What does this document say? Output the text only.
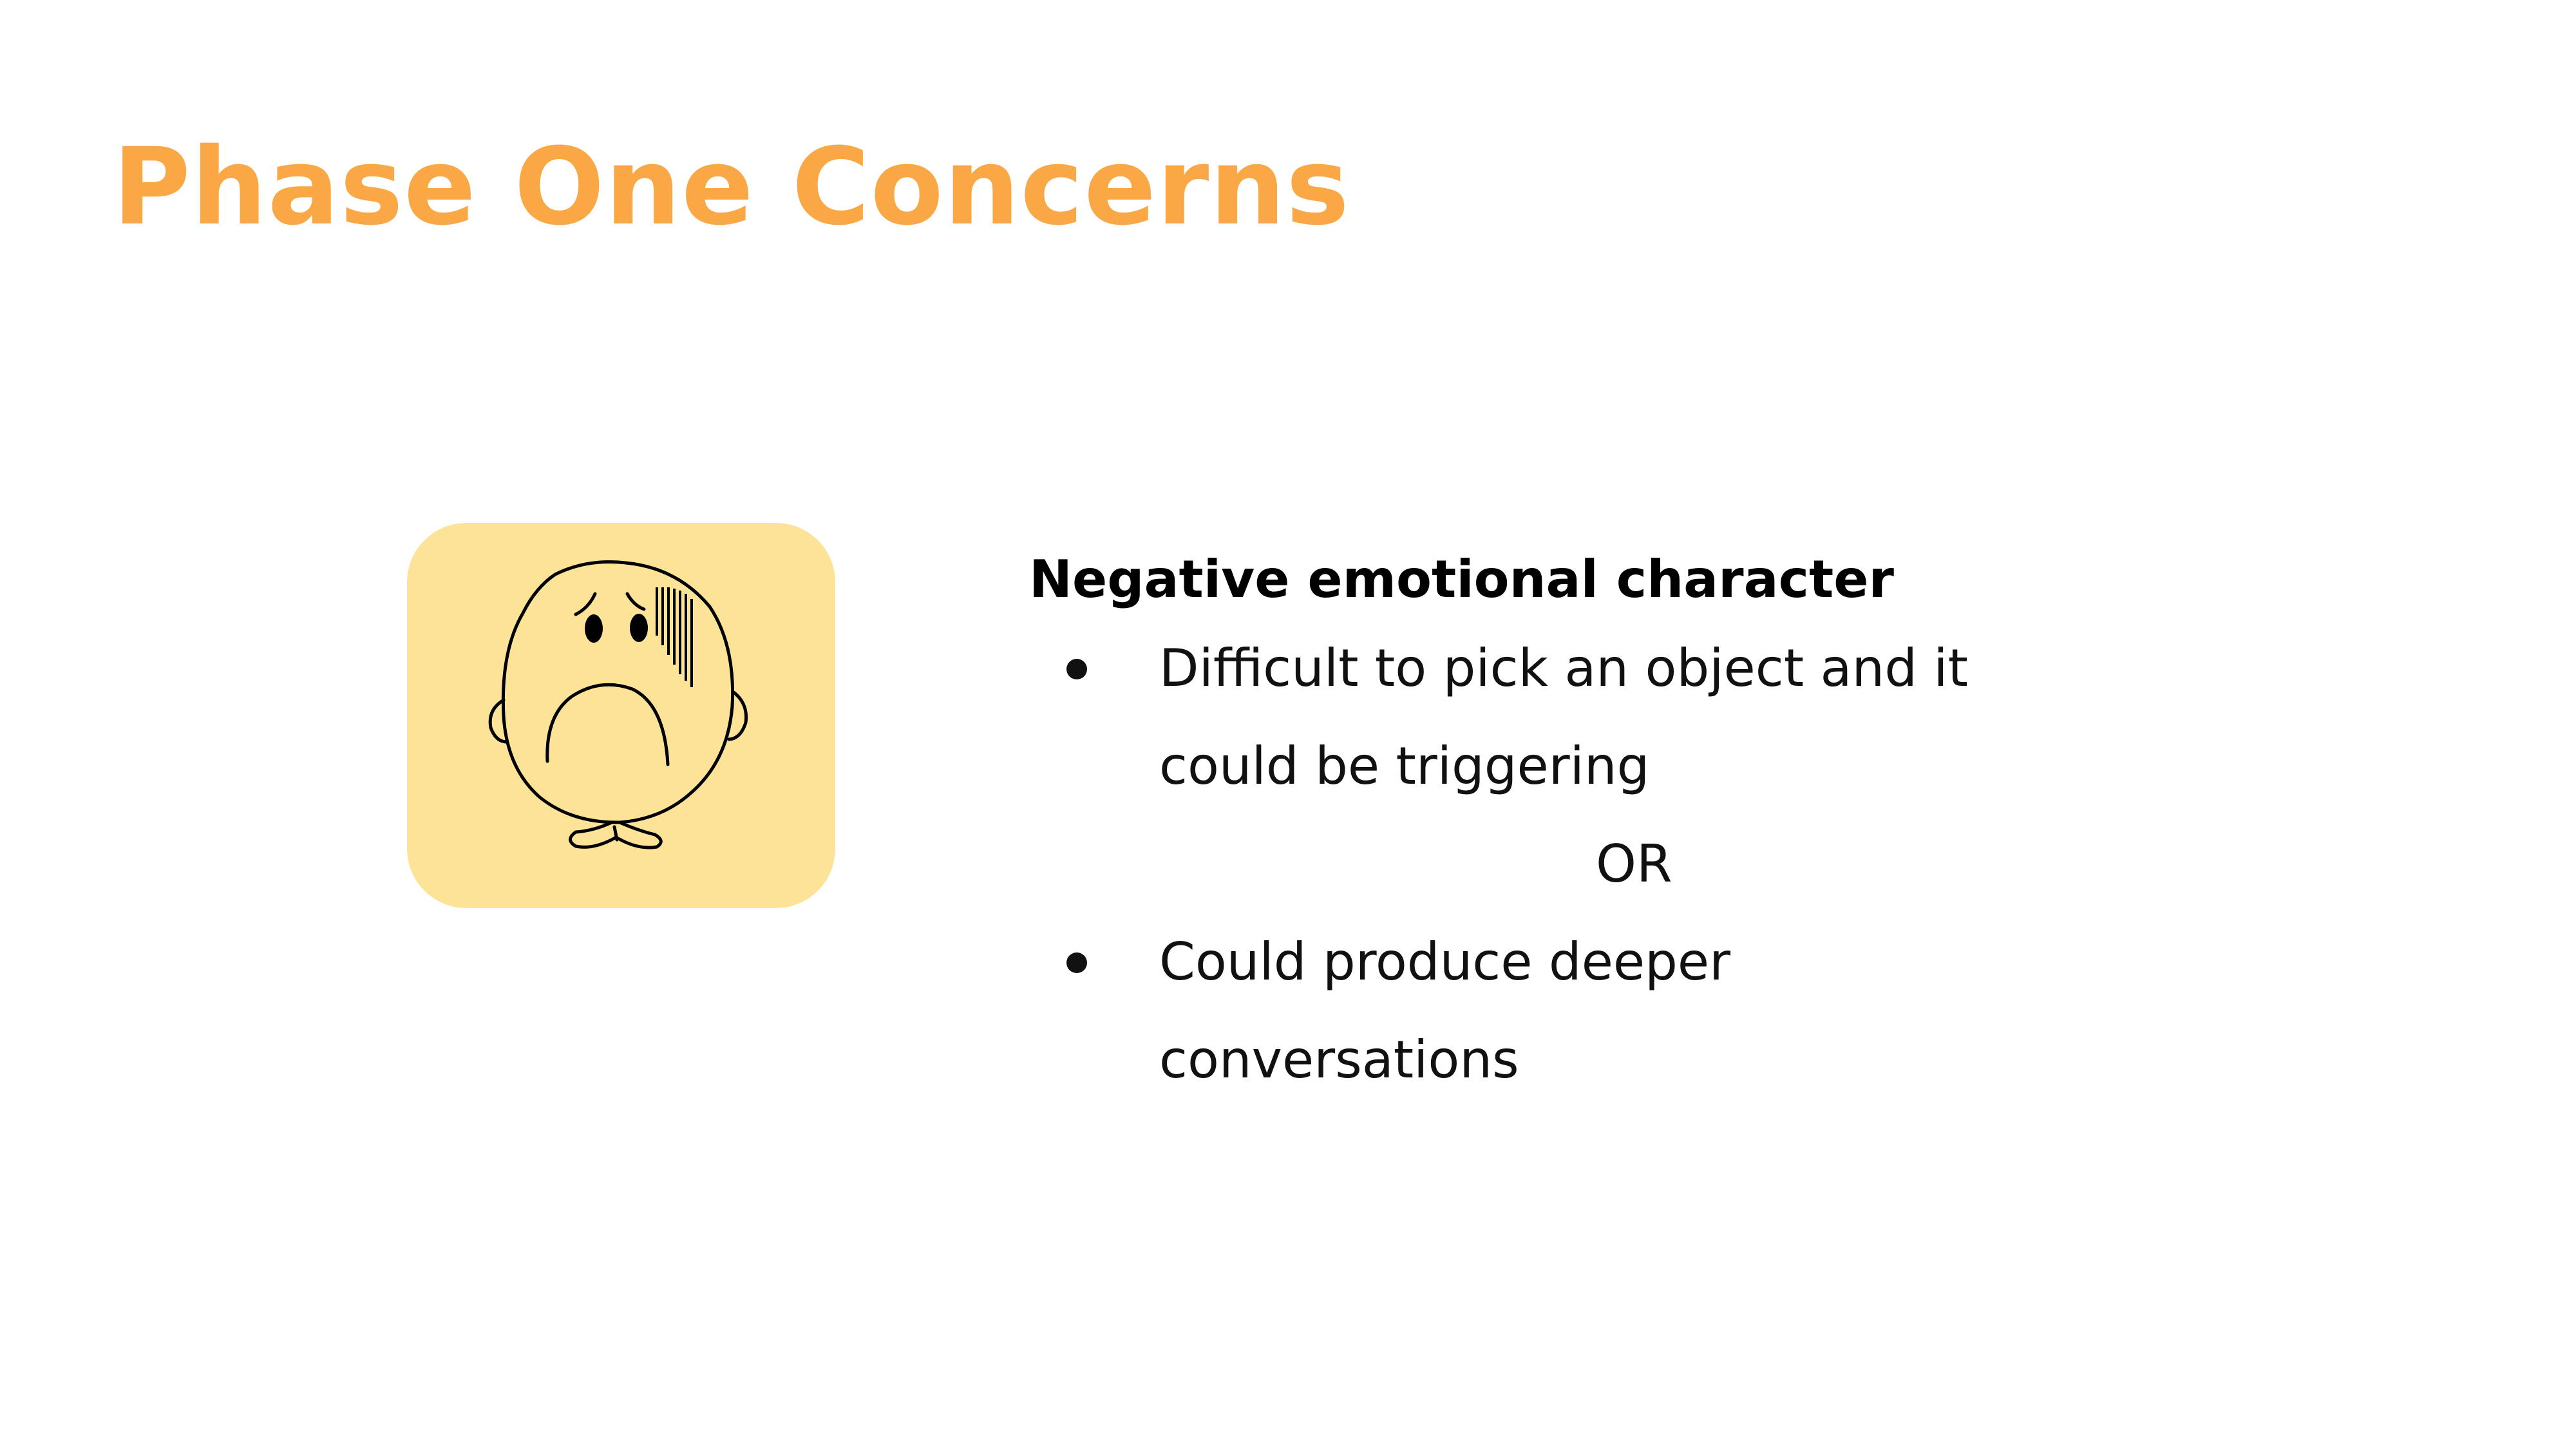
Phase One Concerns
Negative emotional character
Difficult to pick an object and it could be triggering
OR
Could produce deeper conversations
